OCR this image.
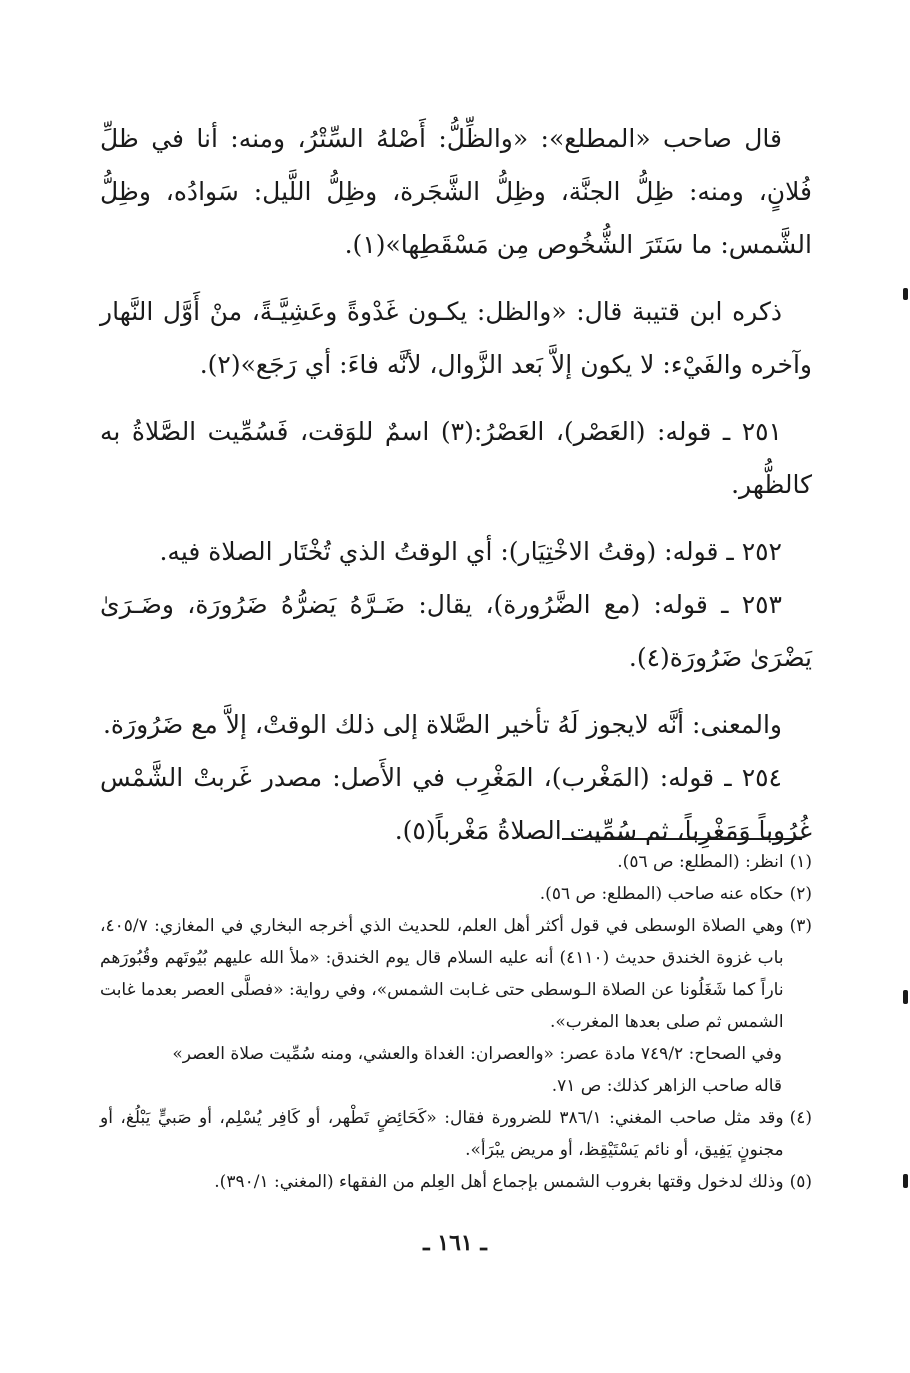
قال صاحب «المطلع»: «والظِّلُّ: أَصْلهُ السِّتْرُ، ومنه: أنا في ظلِّ فُلانٍ، ومنه: ظِلُّ الجنَّة، وظِلُّ الشَّجَرة، وظِلُّ اللَّيل: سَوادُه، وظِلُّ الشَّمس: ما سَتَرَ الشُّخُوص مِن مَسْقَطِها»(١).

ذكره ابن قتيبة قال: «والظل: يكـون غَدْوةً وعَشِيَّـةً، منْ أَوَّل النَّهار وآخره والفَيْء: لا يكون إلاَّ بَعد الزَّوال، لأنَّه فاءَ: أي رَجَع»(٢).

٢٥١ ـ قوله: (العَصْر)، العَصْرُ:(٣) اسمٌ للوَقت، فَسُمِّيت الصَّلاةُ به كالظُّهر.

٢٥٢ ـ قوله: (وقتُ الاخْتِيَار): أي الوقتُ الذي تُخْتَار الصلاة فيه.

٢٥٣ ـ قوله: (مع الضَّرُورة)، يقال: ضَـرَّهُ يَضرُّهُ ضَرُورَة، وضَـرَىٰ يَضْرَىٰ ضَرُورَة(٤).

والمعنى: أنَّه لايجوز لَهُ تأخير الصَّلاة إلى ذلك الوقتْ، إلاَّ مع ضَرُورَة.

٢٥٤ ـ قوله: (المَغْرب)، المَغْرِب في الأَصل: مصدر غَربتْ الشَّمْس غُرُوباً وَمَغْرِباً، ثم سُمِّيت الصلاةُ مَغْرباً(٥).

(١)
انظر: (المطلع: ص ٥٦).
(٢)
حكاه عنه صاحب (المطلع: ص ٥٦).
(٣)
وهي الصلاة الوسطى في قول أكثر أهل العلم، للحديث الذي أخرجه البخاري في المغازي: ٤٠٥/٧، باب غزوة الخندق حديث (٤١١٠) أنه عليه السلام قال يوم الخندق: «ملأ الله عليهم بُيُوتَهم وقُبُورَهم ناراً كما شَغَلُونا عن الصلاة الـوسطى حتى غـابت الشمس»، وفي رواية: «فصلَّى العصر بعدما غابت الشمس ثم صلى بعدها المغرب».

وفي الصحاح: ٧٤٩/٢ مادة عصر: «والعصران: الغداة والعشي، ومنه سُمِّيت صلاة العصر»

قاله صاحب الزاهر كذلك: ص ٧١.

(٤)
وقد مثل صاحب المغني: ٣٨٦/١ للضرورة فقال: «كَحَائِضٍ تَطْهر، أو كَافِر يُسْلِم، أو صَبيٍّ يَبْلُغ، أو مجنونٍ يَفِيق، أو نائم يَسْتَيْقِظ، أو مريض يبْرَأ».
(٥)
وذلك لدخول وقتها بغروب الشمس بإجماع أهل العِلم من الفقهاء (المغني: ٣٩٠/١).
ـ ١٦١ ـ
